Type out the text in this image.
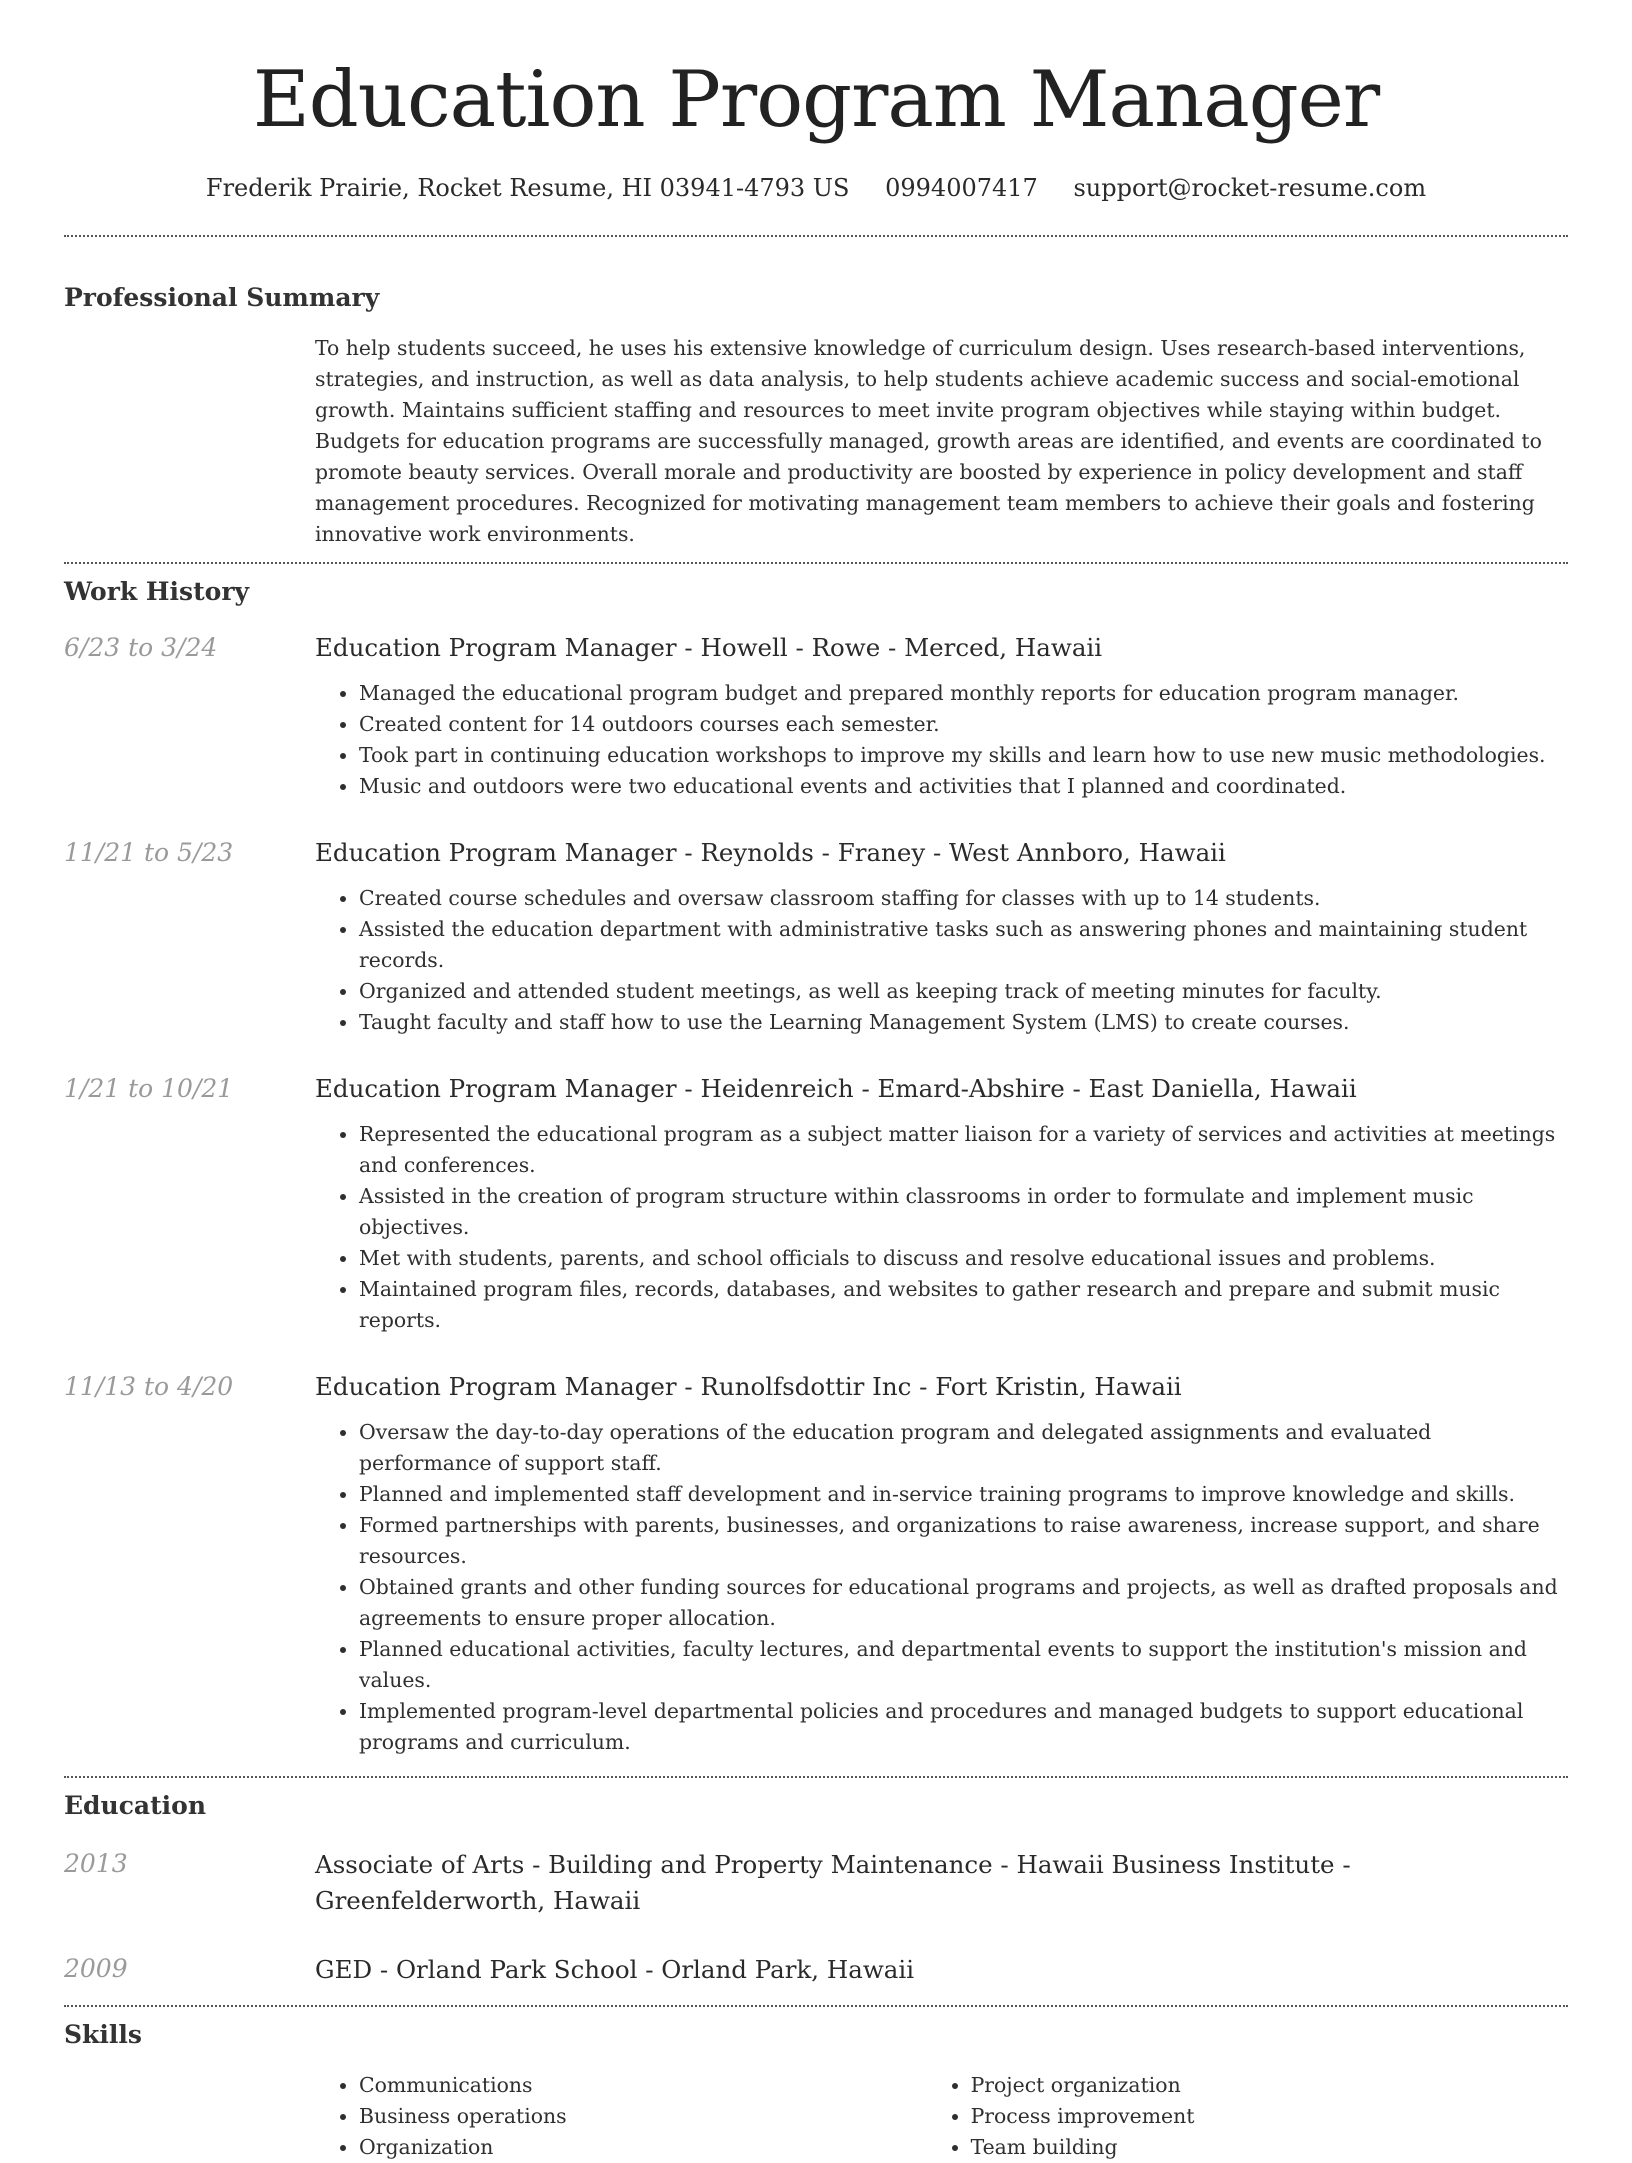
Education Program Manager
Frederik Prairie, Rocket Resume, HI 03941-4793 US 0994007417 support@rocket-resume.com
Professional Summary

To help students succeed, he uses his extensive knowledge of curriculum design. Uses research-based interventions, strategies, and instruction, as well as data analysis, to help students achieve academic success and social-emotional growth. Maintains sufficient staffing and resources to meet invite program objectives while staying within budget. Budgets for education programs are successfully managed, growth areas are identified, and events are coordinated to promote beauty services. Overall morale and productivity are boosted by experience in policy development and staff management procedures. Recognized for motivating management team members to achieve their goals and fostering innovative work environments.

Work History
6/23 to 3/24	Education Program Manager - Howell - Rowe - Merced, Hawaii
• Managed the educational program budget and prepared monthly reports for education program manager.
• Created content for 14 outdoors courses each semester.
• Took part in continuing education workshops to improve my skills and learn how to use new music methodologies.
• Music and outdoors were two educational events and activities that I planned and coordinated.
11/21 to 5/23	Education Program Manager - Reynolds - Franey - West Annboro, Hawaii
• Created course schedules and oversaw classroom staffing for classes with up to 14 students.
• Assisted the education department with administrative tasks such as answering phones and maintaining student records.
• Organized and attended student meetings, as well as keeping track of meeting minutes for faculty.
• Taught faculty and staff how to use the Learning Management System (LMS) to create courses.
1/21 to 10/21	Education Program Manager - Heidenreich - Emard-Abshire - East Daniella, Hawaii
• Represented the educational program as a subject matter liaison for a variety of services and activities at meetings and conferences.
• Assisted in the creation of program structure within classrooms in order to formulate and implement music objectives.
• Met with students, parents, and school officials to discuss and resolve educational issues and problems.
• Maintained program files, records, databases, and websites to gather research and prepare and submit music reports.
11/13 to 4/20	Education Program Manager - Runolfsdottir Inc - Fort Kristin, Hawaii
• Oversaw the day-to-day operations of the education program and delegated assignments and evaluated performance of support staff.
• Planned and implemented staff development and in-service training programs to improve knowledge and skills.
• Formed partnerships with parents, businesses, and organizations to raise awareness, increase support, and share resources.
• Obtained grants and other funding sources for educational programs and projects, as well as drafted proposals and agreements to ensure proper allocation.
• Planned educational activities, faculty lectures, and departmental events to support the institution's mission and values.
• Implemented program-level departmental policies and procedures and managed budgets to support educational programs and curriculum.
Education
2013	Associate of Arts - Building and Property Maintenance - Hawaii Business Institute - Greenfelderworth, Hawaii
2009	GED - Orland Park School - Orland Park, Hawaii
Skills
• Communications
• Business operations
• Organization
• Project organization
• Process improvement
• Team building
